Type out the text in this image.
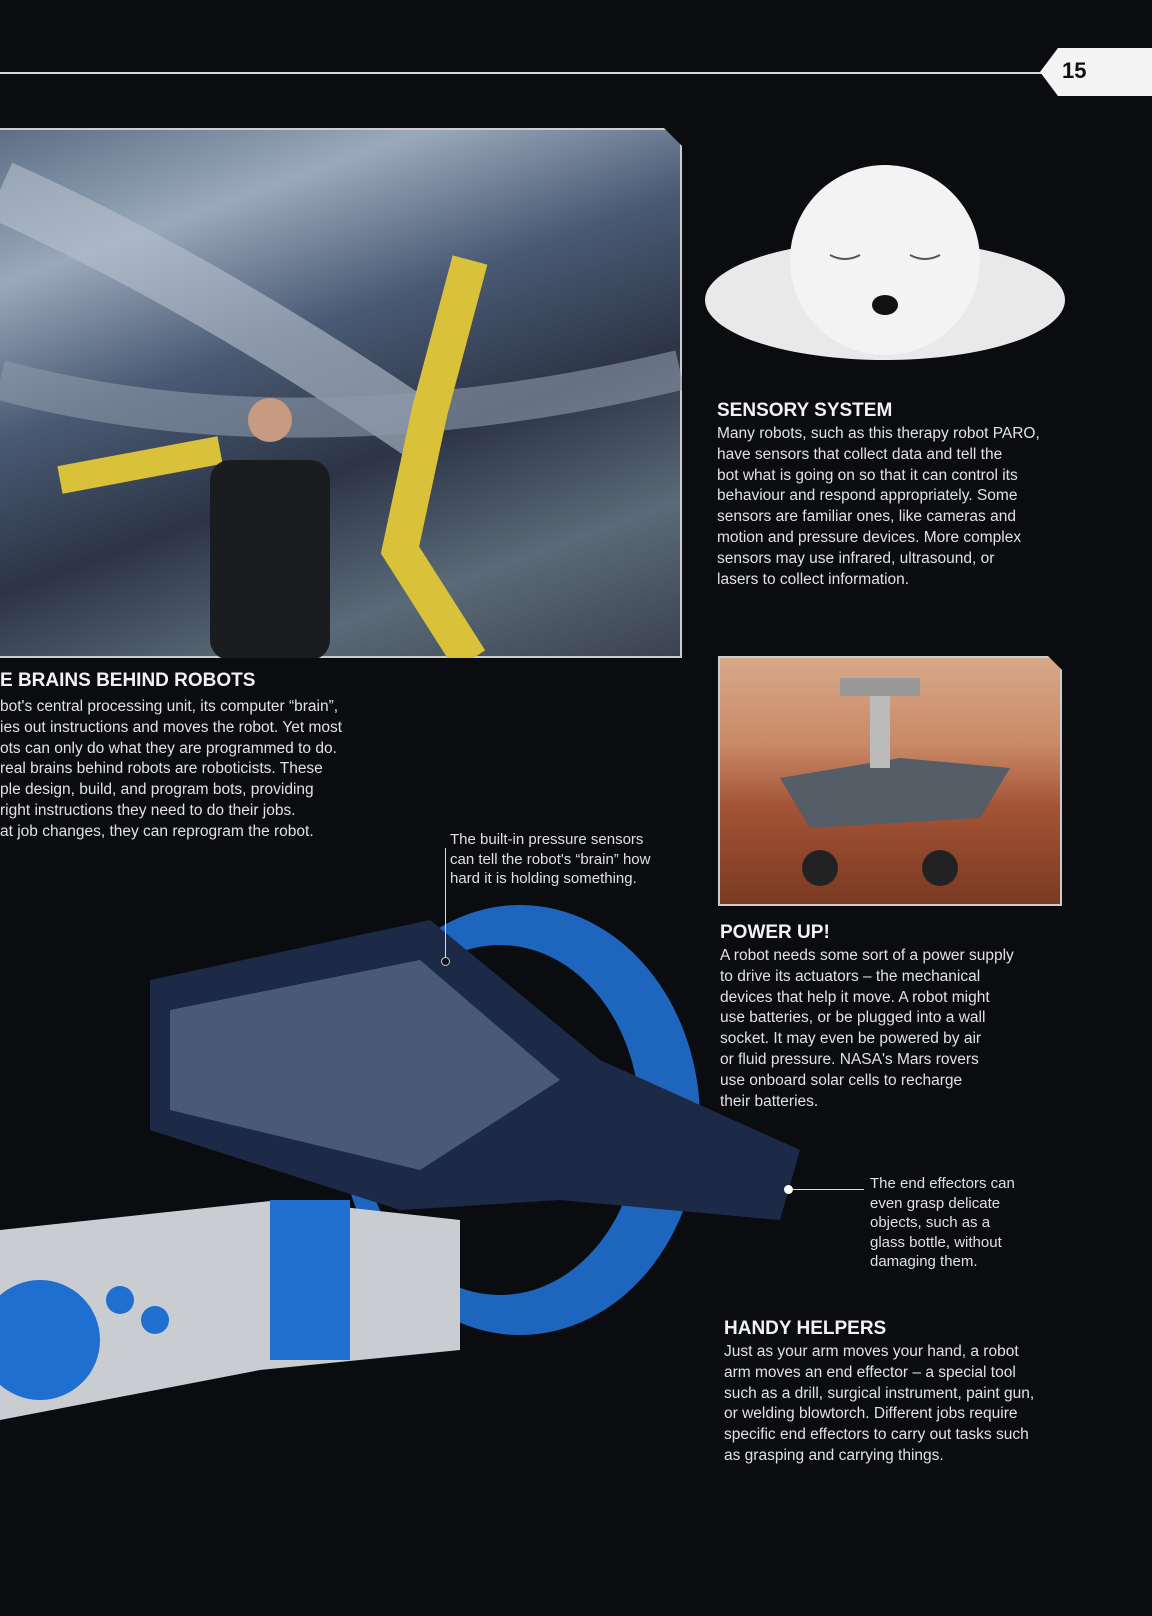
15
E BRAINS BEHIND ROBOTS
bot's central processing unit, its computer “brain”,
ies out instructions and moves the robot. Yet most
ots can only do what they are programmed to do.
real brains behind robots are roboticists. These
ple design, build, and program bots, providing
right instructions they need to do their jobs.
at job changes, they can reprogram the robot.
SENSORY SYSTEM
Many robots, such as this therapy robot PARO,
have sensors that collect data and tell the
bot what is going on so that it can control its
behaviour and respond appropriately. Some
sensors are familiar ones, like cameras and
motion and pressure devices. More complex
sensors may use infrared, ultrasound, or
lasers to collect information.
POWER UP!
A robot needs some sort of a power supply
to drive its actuators – the mechanical
devices that help it move. A robot might
use batteries, or be plugged into a wall
socket. It may even be powered by air
or fluid pressure. NASA's Mars rovers
use onboard solar cells to recharge
their batteries.
HANDY HELPERS
Just as your arm moves your hand, a robot
arm moves an end effector – a special tool
such as a drill, surgical instrument, paint gun,
or welding blowtorch. Different jobs require
specific end effectors to carry out tasks such
as grasping and carrying things.
The built-in pressure sensors
can tell the robot's “brain” how
hard it is holding something.
The end effectors can
even grasp delicate
objects, such as a
glass bottle, without
damaging them.
